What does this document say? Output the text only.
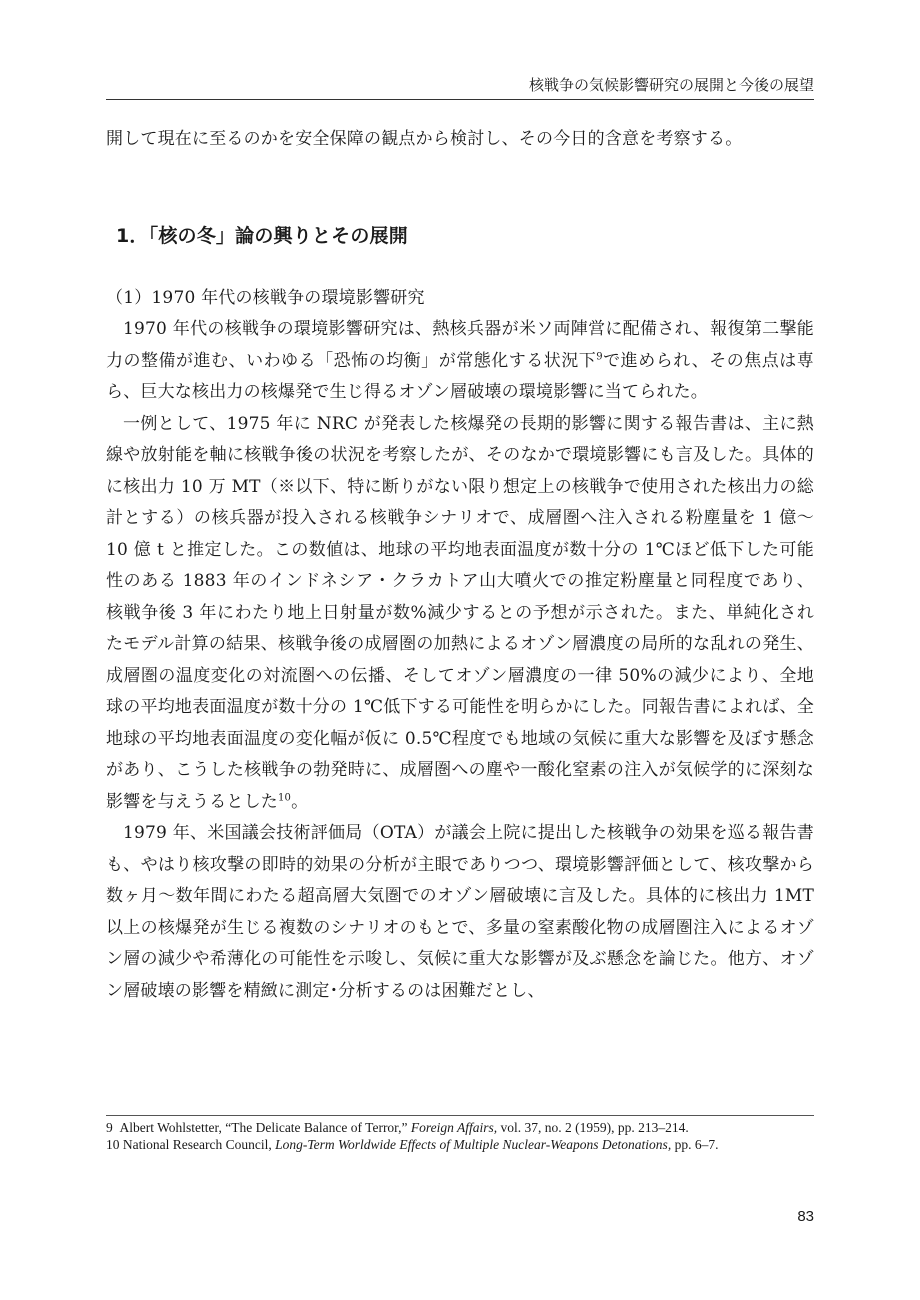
核戦争の気候影響研究の展開と今後の展望

開して現在に至るのかを安全保障の観点から検討し、その今日的含意を考察する。

1．「核の冬」論の興りとその展開

（1）1970 年代の核戦争の環境影響研究

1970 年代の核戦争の環境影響研究は、熱核兵器が米ソ両陣営に配備され、報復第二撃能力の整備が進む、いわゆる「恐怖の均衡」が常態化する状況下$^9$で進められ、その焦点は専ら、巨大な核出力の核爆発で生じ得るオゾン層破壊の環境影響に当てられた。

一例として、1975 年に NRC が発表した核爆発の長期的影響に関する報告書は、主に熱線や放射能を軸に核戦争後の状況を考察したが、そのなかで環境影響にも言及した。具体的に核出力 10 万 MT（※以下、特に断りがない限り想定上の核戦争で使用された核出力の総計とする）の核兵器が投入される核戦争シナリオで、成層圏へ注入される粉塵量を 1 億～ 10 億 t と推定した。この数値は、地球の平均地表面温度が数十分の 1℃ほど低下した可能性のある 1883 年のインドネシア・クラカトア山大噴火での推定粉塵量と同程度であり、核戦争後 3 年にわたり地上日射量が数%減少するとの予想が示された。また、単純化されたモデル計算の結果、核戦争後の成層圏の加熱によるオゾン層濃度の局所的な乱れの発生、成層圏の温度変化の対流圏への伝播、そしてオゾン層濃度の一律 50%の減少により、全地球の平均地表面温度が数十分の 1℃低下する可能性を明らかにした。同報告書によれば、全地球の平均地表面温度の変化幅が仮に 0.5℃程度でも地域の気候に重大な影響を及ぼす懸念があり、こうした核戦争の勃発時に、成層圏への塵や一酸化窒素の注入が気候学的に深刻な影響を与えうるとした$^{10}$。

1979 年、米国議会技術評価局（OTA）が議会上院に提出した核戦争の効果を巡る報告書も、やはり核攻撃の即時的効果の分析が主眼でありつつ、環境影響評価として、核攻撃から数ヶ月～数年間にわたる超高層大気圏でのオゾン層破壊に言及した。具体的に核出力 1MT 以上の核爆発が生じる複数のシナリオのもとで、多量の窒素酸化物の成層圏注入によるオゾン層の減少や希薄化の可能性を示唆し、気候に重大な影響が及ぶ懸念を論じた。他方、オゾン層破壊の影響を精緻に測定･分析するのは困難だとし、

9 Albert Wohlstetter, “The Delicate Balance of Terror,” Foreign Affairs, vol. 37, no. 2 (1959), pp. 213–214.

10 National Research Council, Long-Term Worldwide Effects of Multiple Nuclear-Weapons Detonations, pp. 6–7.

83
